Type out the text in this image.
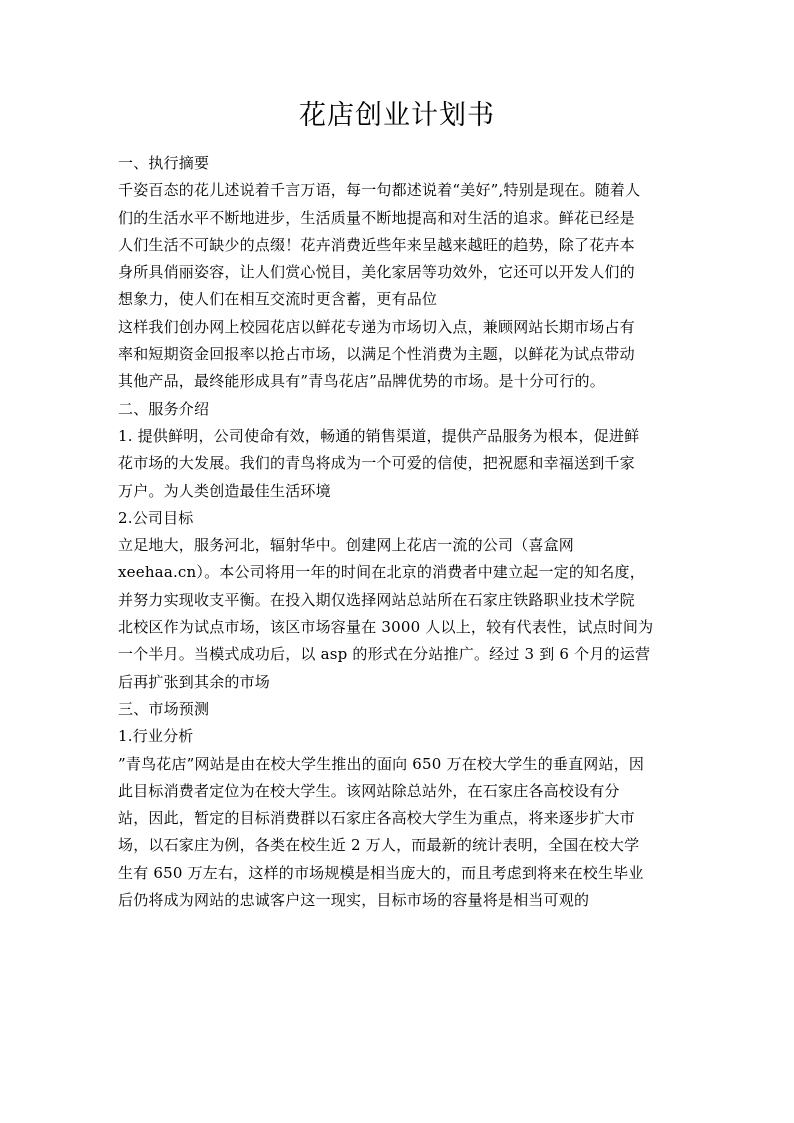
花店创业计划书
一、执行摘要
千姿百态的花儿述说着千言万语，每一句都述说着“美好”,特别是现在。随着人
们的生活水平不断地进步，生活质量不断地提高和对生活的追求。鲜花已经是
人们生活不可缺少的点缀！花卉消费近些年来呈越来越旺的趋势，除了花卉本
身所具俏丽姿容，让人们赏心悦目，美化家居等功效外，它还可以开发人们的
想象力，使人们在相互交流时更含蓄，更有品位
这样我们创办网上校园花店以鲜花专递为市场切入点，兼顾网站长期市场占有
率和短期资金回报率以抢占市场，以满足个性消费为主题，以鲜花为试点带动
其他产品，最终能形成具有”青鸟花店”品牌优势的市场。是十分可行的。
二、服务介绍
1. 提供鲜明，公司使命有效，畅通的销售渠道，提供产品服务为根本，促进鲜
花市场的大发展。我们的青鸟将成为一个可爱的信使，把祝愿和幸福送到千家
万户。为人类创造最佳生活环境
2.公司目标
立足地大，服务河北，辐射华中。创建网上花店一流的公司（喜盒网
xeehaa.cn）。本公司将用一年的时间在北京的消费者中建立起一定的知名度，
并努力实现收支平衡。在投入期仅选择网站总站所在石家庄铁路职业技术学院
北校区作为试点市场，该区市场容量在 3000 人以上，较有代表性，试点时间为
一个半月。当模式成功后，以 asp 的形式在分站推广。经过 3 到 6 个月的运营
后再扩张到其余的市场
三、市场预测
1.行业分析
”青鸟花店”网站是由在校大学生推出的面向 650 万在校大学生的垂直网站，因
此目标消费者定位为在校大学生。该网站除总站外，在石家庄各高校设有分
站，因此，暂定的目标消费群以石家庄各高校大学生为重点，将来逐步扩大市
场，以石家庄为例，各类在校生近 2 万人，而最新的统计表明，全国在校大学
生有 650 万左右，这样的市场规模是相当庞大的，而且考虑到将来在校生毕业
后仍将成为网站的忠诚客户这一现实，目标市场的容量将是相当可观的
